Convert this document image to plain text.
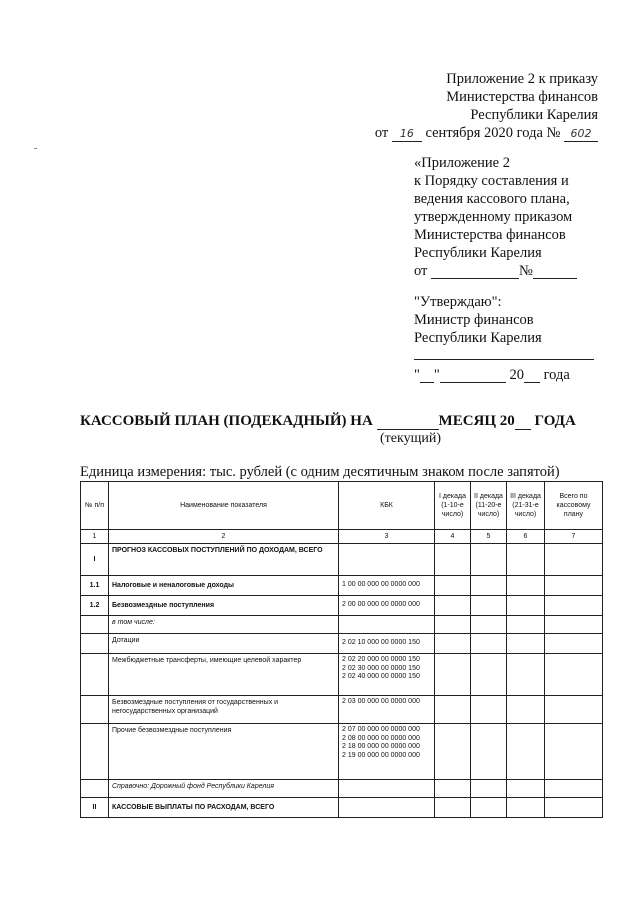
Приложение 2 к приказу
Министерства финансов
Республики Карелия
от 16 сентября 2020 года № 602
«Приложение 2
к Порядку составления и
ведения кассового плана,
утвержденному приказом
Министерства финансов
Республики Карелия
от	№
"Утверждаю":
Министр финансов
Республики Карелия
" "	20 года
КАССОВЫЙ ПЛАН (ПОДЕКАДНЫЙ) НА	МЕСЯЦ 20 ГОДА
(текущий)
Единица измерения: тыс. рублей (с одним десятичным знаком после запятой)
№ п/п	Наименование показателя	КБК	I декада (1-10-е число)	II декада (11-20-е число)	III декада (21-31-е число)	Всего по кассовому плану
1	2	3	4	5	6	7
I	ПРОГНОЗ КАССОВЫХ ПОСТУПЛЕНИЙ ПО ДОХОДАМ, ВСЕГО					
1.1	Налоговые и неналоговые доходы	1 00 00 000 00 0000 000				

1.2	Безвозмездные поступления	2 00 00 000 00 0000 000				

	в том числе:					
	Дотации	2 02 10 000 00 0000 150				

	Межбюджетные трансферты, имеющие целевой характер	2 02 20 000 00 0000 150
2 02 30 000 00 0000 150
2 02 40 000 00 0000 150				

	Безвозмездные поступления от государственных и негосударственных организаций	2 03 00 000 00 0000 000				

	Прочие безвозмездные поступления	2 07 00 000 00 0000 000
2 08 00 000 00 0000 000
2 18 00 000 00 0000 000
2 19 00 000 00 0000 000				

	Справочно: Дорожный фонд Республики Карелия					
II	КАССОВЫЕ ВЫПЛАТЫ ПО РАСХОДАМ, ВСЕГО					
